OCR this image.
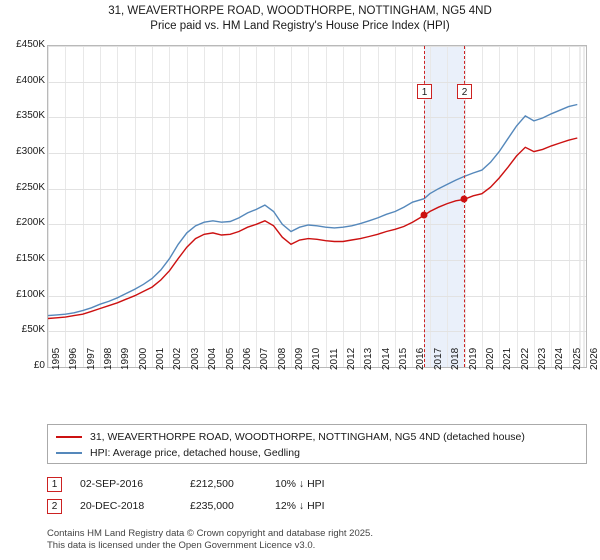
31, WEAVERTHORPE ROAD, WOODTHORPE, NOTTINGHAM, NG5 4ND
Price paid vs. HM Land Registry's House Price Index (HPI)
1	2
31, WEAVERTHORPE ROAD, WOODTHORPE, NOTTINGHAM, NG5 4ND (detached house)
HPI: Average price, detached house, Gedling
1	02-SEP-2016	£212,500	10% ↓ HPI
2	20-DEC-2018	£235,000	12% ↓ HPI
Contains HM Land Registry data © Crown copyright and database right 2025.
This data is licensed under the Open Government Licence v3.0.
1995 1996 1997 1998 1999 2000 2001 2002 2003 2004 2005 2006 2007 2008 2009 2010 2011 2012 2013 2014 2015 2016 2017 2018 2019 2020 2021 2022 2023 2024 2025 2026
£0
£50K
£100K
£150K
£200K
£250K
£300K
£350K
£400K
£450K
